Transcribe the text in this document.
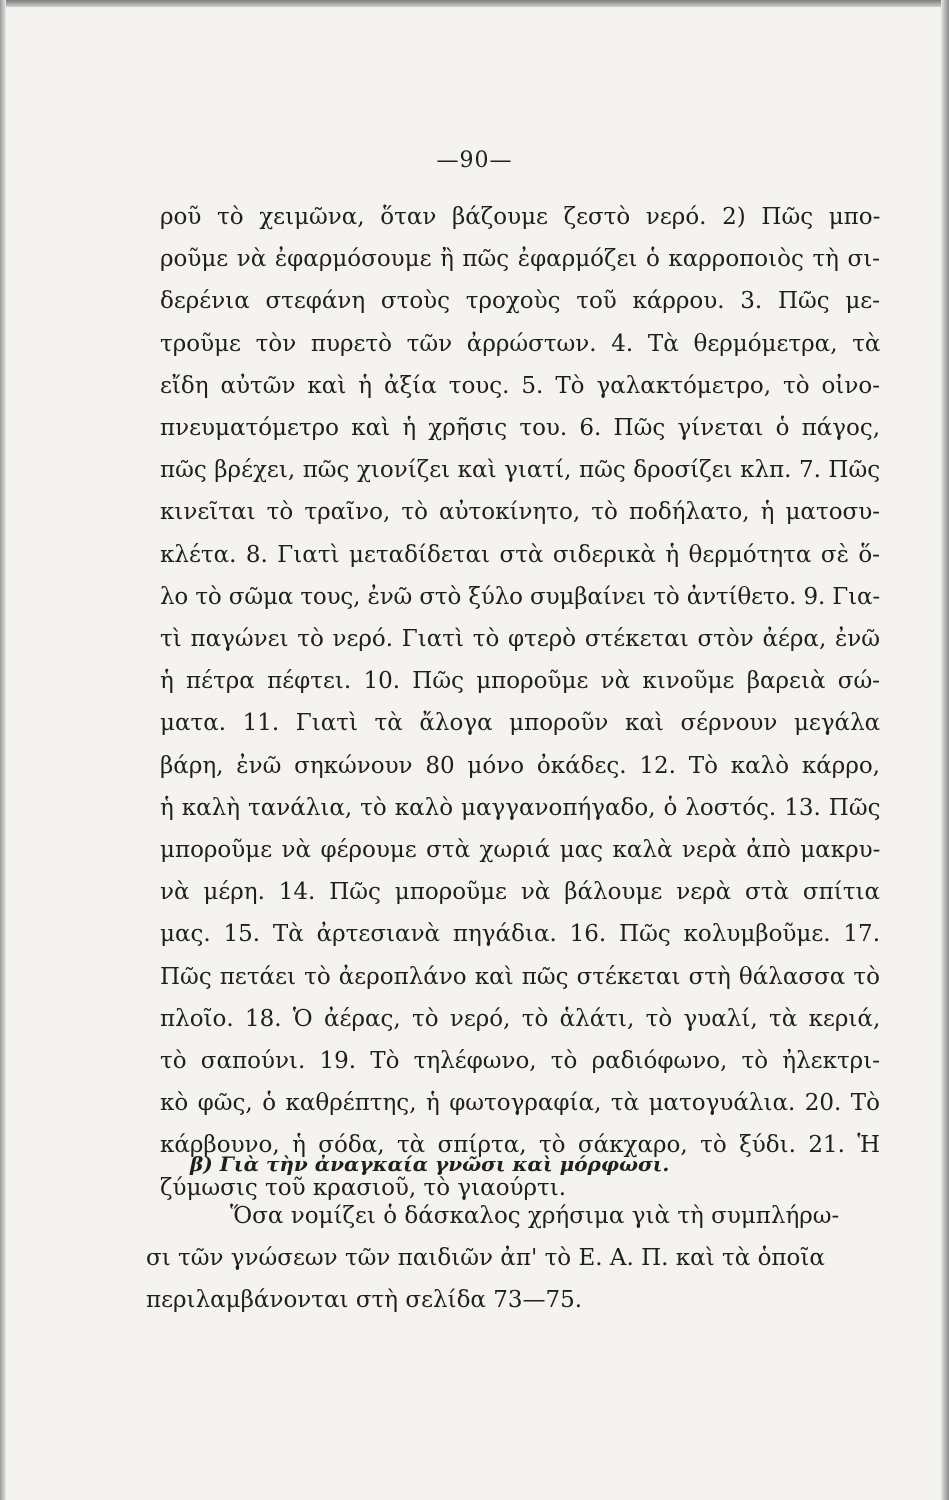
—90—
ροῦ τὸ χειμῶνα, ὅταν βάζουμε ζεστὸ νερό. 2) Πῶς μπο-
ροῦμε νὰ ἐφαρμόσουμε ἢ πῶς ἐφαρμόζει ὁ καρροποιὸς τὴ σι-
δερένια στεφάνη στοὺς τροχοὺς τοῦ κάρρου. 3. Πῶς με-
τροῦμε τὸν πυρετὸ τῶν ἀρρώστων. 4. Τὰ θερμόμετρα, τὰ
εἴδη αὐτῶν καὶ ἡ ἀξία τους. 5. Τὸ γαλακτόμετρο, τὸ οἰνο-
πνευματόμετρο καὶ ἡ χρῆσις του. 6. Πῶς γίνεται ὁ πάγος,
πῶς βρέχει, πῶς χιονίζει καὶ γιατί, πῶς δροσίζει κλπ. 7. Πῶς
κινεῖται τὸ τραῖνο, τὸ αὐτοκίνητο, τὸ ποδήλατο, ἡ ματοσυ-
κλέτα. 8. Γιατὶ μεταδίδεται στὰ σιδερικὰ ἡ θερμότητα σὲ ὅ-
λο τὸ σῶμα τους, ἐνῶ στὸ ξύλο συμβαίνει τὸ ἀντίθετο. 9. Για-
τὶ παγώνει τὸ νερό. Γιατὶ τὸ φτερὸ στέκεται στὸν ἀέρα, ἐνῶ
ἡ πέτρα πέφτει. 10. Πῶς μποροῦμε νὰ κινοῦμε βαρειὰ σώ-
ματα. 11. Γιατὶ τὰ ἄλογα μποροῦν καὶ σέρνουν μεγάλα
βάρη, ἐνῶ σηκώνουν 80 μόνο ὀκάδες. 12. Τὸ καλὸ κάρρο,
ἡ καλὴ τανάλια, τὸ καλὸ μαγγανοπήγαδο, ὁ λοστός. 13. Πῶς
μποροῦμε νὰ φέρουμε στὰ χωριά μας καλὰ νερὰ ἀπὸ μακρυ-
νὰ μέρη. 14. Πῶς μποροῦμε νὰ βάλουμε νερὰ στὰ σπίτια
μας. 15. Τὰ ἀρτεσιανὰ πηγάδια. 16. Πῶς κολυμβοῦμε. 17.
Πῶς πετάει τὸ ἀεροπλάνο καὶ πῶς στέκεται στὴ θάλασσα τὸ
πλοῖο. 18. Ὁ ἀέρας, τὸ νερό, τὸ ἁλάτι, τὸ γυαλί, τὰ κεριά,
τὸ σαπούνι. 19. Τὸ τηλέφωνο, τὸ ραδιόφωνο, τὸ ἠλεκτρι-
κὸ φῶς, ὁ καθρέπτης, ἡ φωτογραφία, τὰ ματογυάλια. 20. Τὸ
κάρβουνο, ἡ σόδα, τὰ σπίρτα, τὸ σάκχαρο, τὸ ξύδι. 21. Ἡ
ζύμωσις τοῦ κρασιοῦ, τὸ γιαούρτι.
β) Γιὰ τὴν ἀναγκαία γνῶσι καὶ μόρφωσι.
Ὅσα νομίζει ὁ δάσκαλος χρήσιμα γιὰ τὴ συμπλήρω-
σι τῶν γνώσεων τῶν παιδιῶν ἀπ' τὸ Ε. Α. Π. καὶ τὰ ὁποῖα
περιλαμβάνονται στὴ σελίδα 73—75.
